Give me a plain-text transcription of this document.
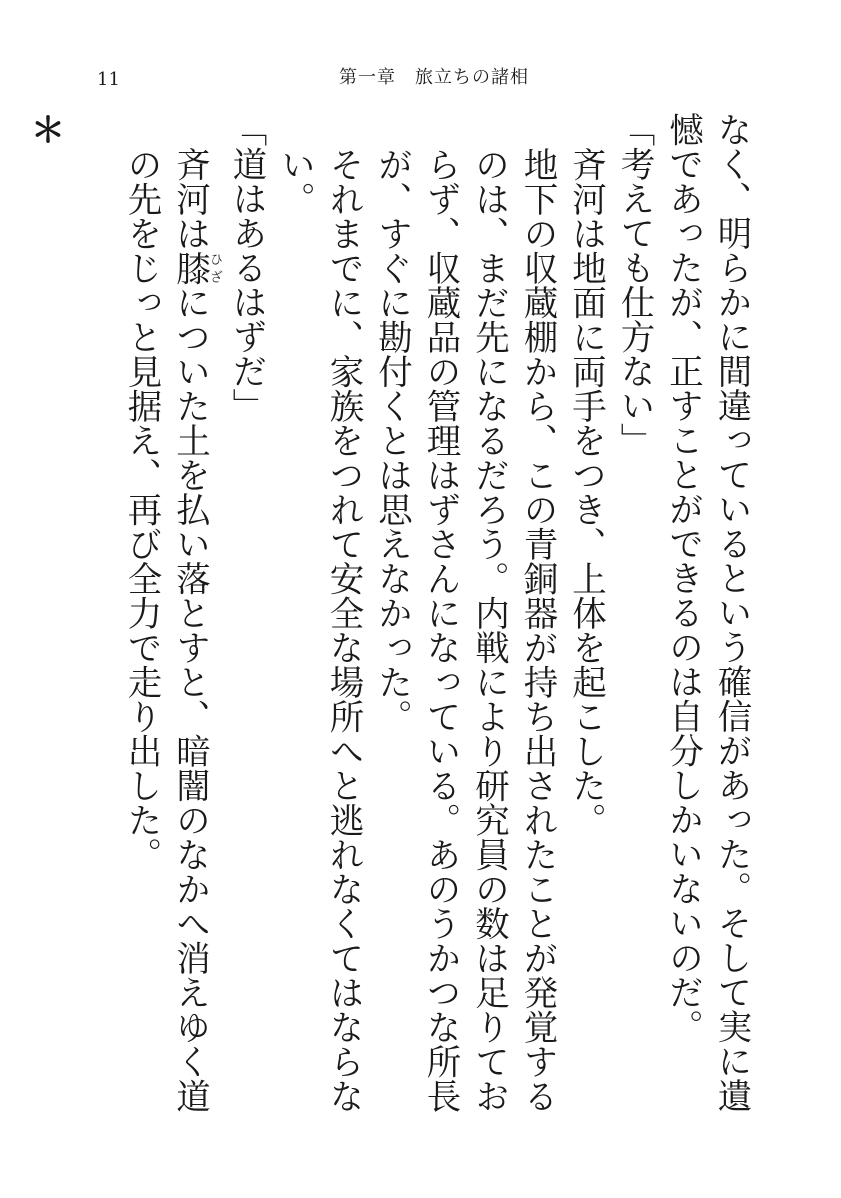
11	第一章　旅立ちの諸相

なく、明らかに間違っているという確信があった。そして実に遺憾であったが、正すことができるのは自分しかいないのだ。

「考えても仕方ない」

斉河は地面に両手をつき、上体を起こした。

地下の収蔵棚から、この青銅器が持ち出されたことが発覚するのは、まだ先になるだろう。内戦により研究員の数は足りておらず、収蔵品の管理はずさんになっている。あのうかつな所長が、すぐに勘付くとは思えなかった。

それまでに、家族をつれて安全な場所へと逃れなくてはならない。

「道はあるはずだ」

斉河は膝ひざについた土を払い落とすと、暗闇のなかへ消えゆく道の先をじっと見据え、再び全力で走り出した。

＊
